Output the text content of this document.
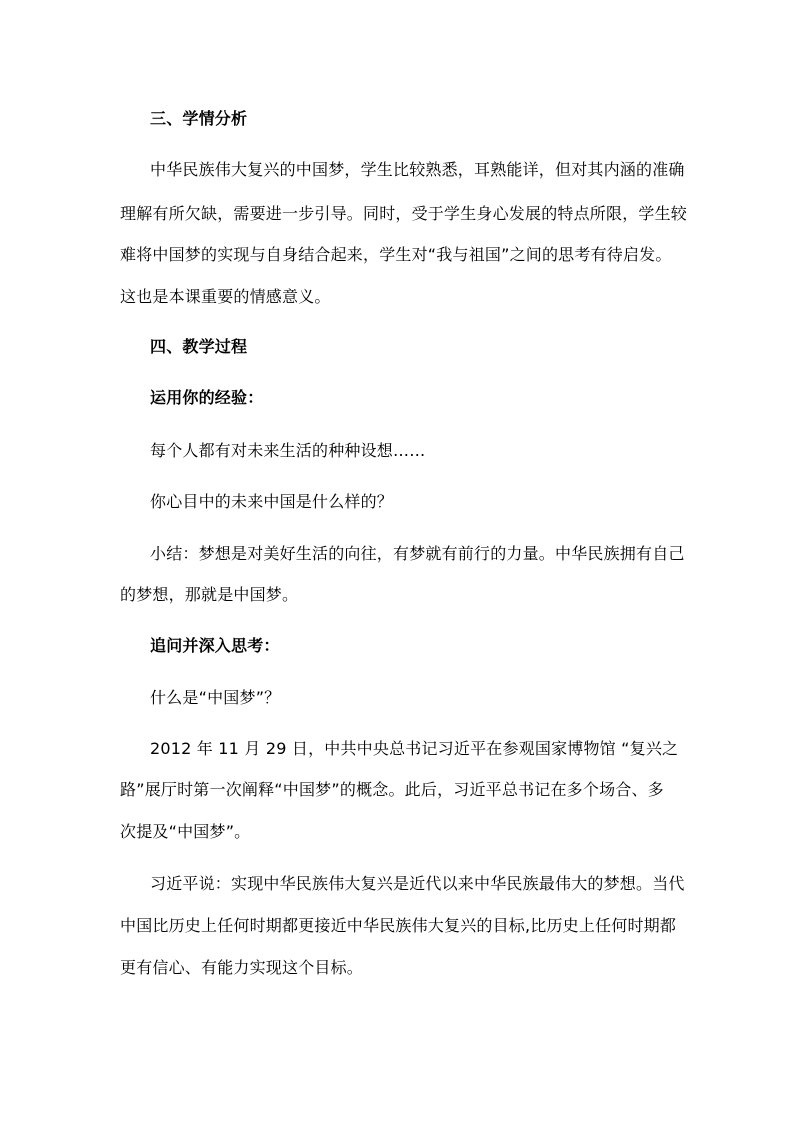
三、学情分析
中华民族伟大复兴的中国梦，学生比较熟悉，耳熟能详，但对其内涵的准确
理解有所欠缺，需要进一步引导。同时，受于学生身心发展的特点所限，学生较
难将中国梦的实现与自身结合起来，学生对“我与祖国”之间的思考有待启发。
这也是本课重要的情感意义。
四、教学过程
运用你的经验：
每个人都有对未来生活的种种设想……
你心目中的未来中国是什么样的？
小结：梦想是对美好生活的向往，有梦就有前行的力量。中华民族拥有自己
的梦想，那就是中国梦。
追问并深入思考：
什么是“中国梦”？
2012 年 11 月 29 日，中共中央总书记习近平在参观国家博物馆 “复兴之
路”展厅时第一次阐释“中国梦”的概念。此后，习近平总书记在多个场合、多
次提及“中国梦”。
习近平说：实现中华民族伟大复兴是近代以来中华民族最伟大的梦想。当代
中国比历史上任何时期都更接近中华民族伟大复兴的目标,比历史上任何时期都
更有信心、有能力实现这个目标。
